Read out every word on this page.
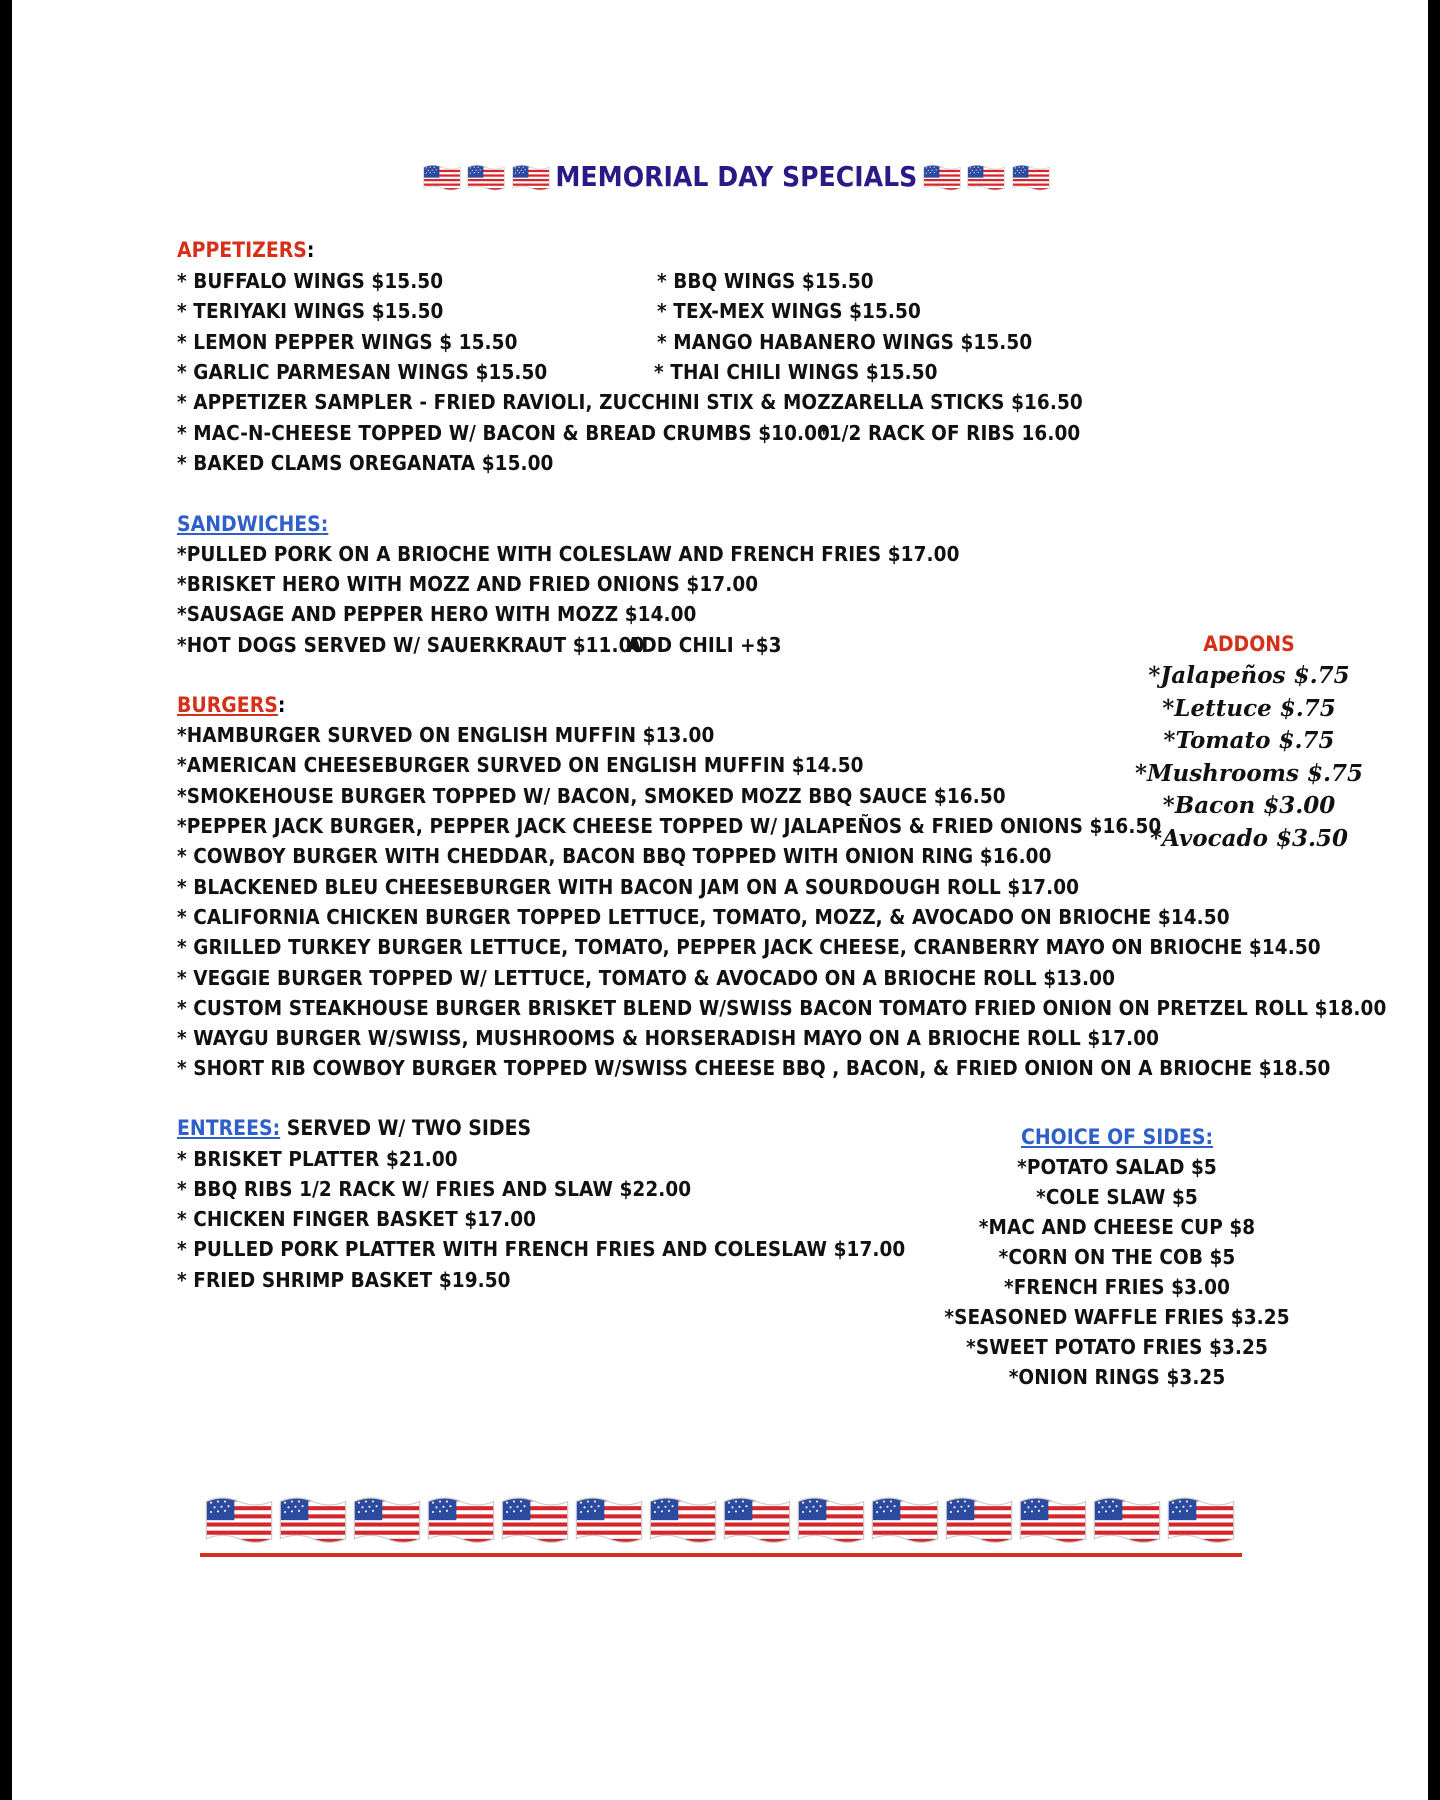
MEMORIAL DAY SPECIALS
APPETIZERS:
* BUFFALO WINGS $15.50
* TERIYAKI WINGS $15.50
* LEMON PEPPER WINGS $ 15.50
* GARLIC PARMESAN WINGS $15.50
* BBQ WINGS $15.50
* TEX-MEX WINGS $15.50
* MANGO HABANERO WINGS $15.50
* THAI CHILI WINGS $15.50
* APPETIZER SAMPLER - FRIED RAVIOLI, ZUCCHINI STIX & MOZZARELLA STICKS $16.50
* MAC-N-CHEESE TOPPED W/ BACON & BREAD CRUMBS $10.00
*1/2 RACK OF RIBS 16.00
* BAKED CLAMS OREGANATA $15.00
SANDWICHES:
*PULLED PORK ON A BRIOCHE WITH COLESLAW AND FRENCH FRIES $17.00
*BRISKET HERO WITH MOZZ AND FRIED ONIONS $17.00
*SAUSAGE AND PEPPER HERO WITH MOZZ $14.00
*HOT DOGS SERVED W/ SAUERKRAUT $11.00
ADD CHILI +$3	ADDONS
*Jalapeños $.75
*Lettuce $.75
*Tomato $.75
*Mushrooms $.75
*Bacon $3.00
*Avocado $3.50
BURGERS:
*HAMBURGER SURVED ON ENGLISH MUFFIN $13.00
*AMERICAN CHEESEBURGER SURVED ON ENGLISH MUFFIN $14.50
*SMOKEHOUSE BURGER TOPPED W/ BACON, SMOKED MOZZ BBQ SAUCE $16.50
*PEPPER JACK BURGER, PEPPER JACK CHEESE TOPPED W/ JALAPEÑOS & FRIED ONIONS $16.50
* COWBOY BURGER WITH CHEDDAR, BACON BBQ TOPPED WITH ONION RING $16.00
* BLACKENED BLEU CHEESEBURGER WITH BACON JAM ON A SOURDOUGH ROLL $17.00
* CALIFORNIA CHICKEN BURGER TOPPED LETTUCE, TOMATO, MOZZ, & AVOCADO ON BRIOCHE $14.50
* GRILLED TURKEY BURGER LETTUCE, TOMATO, PEPPER JACK CHEESE, CRANBERRY MAYO ON BRIOCHE $14.50
* VEGGIE BURGER TOPPED W/ LETTUCE, TOMATO & AVOCADO ON A BRIOCHE ROLL $13.00
* CUSTOM STEAKHOUSE BURGER BRISKET BLEND W/SWISS BACON TOMATO FRIED ONION ON PRETZEL ROLL $18.00
* WAYGU BURGER W/SWISS, MUSHROOMS & HORSERADISH MAYO ON A BRIOCHE ROLL $17.00
* SHORT RIB COWBOY BURGER TOPPED W/SWISS CHEESE BBQ , BACON, & FRIED ONION ON A BRIOCHE $18.50
ENTREES: SERVED W/ TWO SIDES
* BRISKET PLATTER $21.00
* BBQ RIBS 1/2 RACK W/ FRIES AND SLAW $22.00
* CHICKEN FINGER BASKET $17.00
* PULLED PORK PLATTER WITH FRENCH FRIES AND COLESLAW $17.00
* FRIED SHRIMP BASKET $19.50
CHOICE OF SIDES:
*POTATO SALAD $5
*COLE SLAW $5
*MAC AND CHEESE CUP $8
*CORN ON THE COB $5
*FRENCH FRIES $3.00
*SEASONED WAFFLE FRIES $3.25
*SWEET POTATO FRIES $3.25
*ONION RINGS $3.25
